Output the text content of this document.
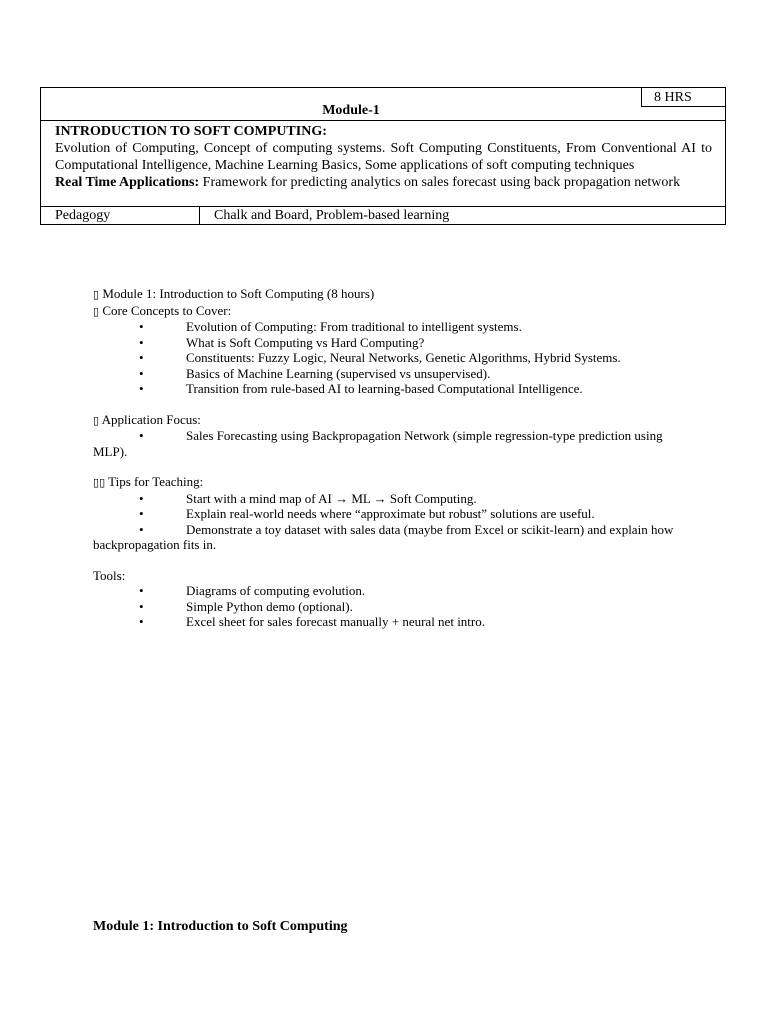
Module-1
8 HRS
INTRODUCTION TO SOFT COMPUTING:
Evolution of Computing, Concept of computing systems. Soft Computing Constituents, From Conventional AI to Computational Intelligence, Machine Learning Basics, Some applications of soft computing techniques
Real Time Applications: Framework for predicting analytics on sales forecast using back propagation network
Pedagogy	Chalk and Board, Problem-based learning

▯ Module 1: Introduction to Soft Computing (8 hours)

▯ Core Concepts to Cover:

•	Evolution of Computing: From traditional to intelligent systems.
•	What is Soft Computing vs Hard Computing?
•	Constituents: Fuzzy Logic, Neural Networks, Genetic Algorithms, Hybrid Systems.
•	Basics of Machine Learning (supervised vs unsupervised).
•	Transition from rule-based AI to learning-based Computational Intelligence.

▯ Application Focus:

•	Sales Forecasting using Backpropagation Network (simple regression-type prediction using MLP).

▯▯ Tips for Teaching:

•	Start with a mind map of AI → ML → Soft Computing.
•	Explain real-world needs where “approximate but robust” solutions are useful.
•	Demonstrate a toy dataset with sales data (maybe from Excel or scikit-learn) and explain how backpropagation fits in.

Tools:

•	Diagrams of computing evolution.
•	Simple Python demo (optional).
•	Excel sheet for sales forecast manually + neural net intro.
Module 1: Introduction to Soft Computing
